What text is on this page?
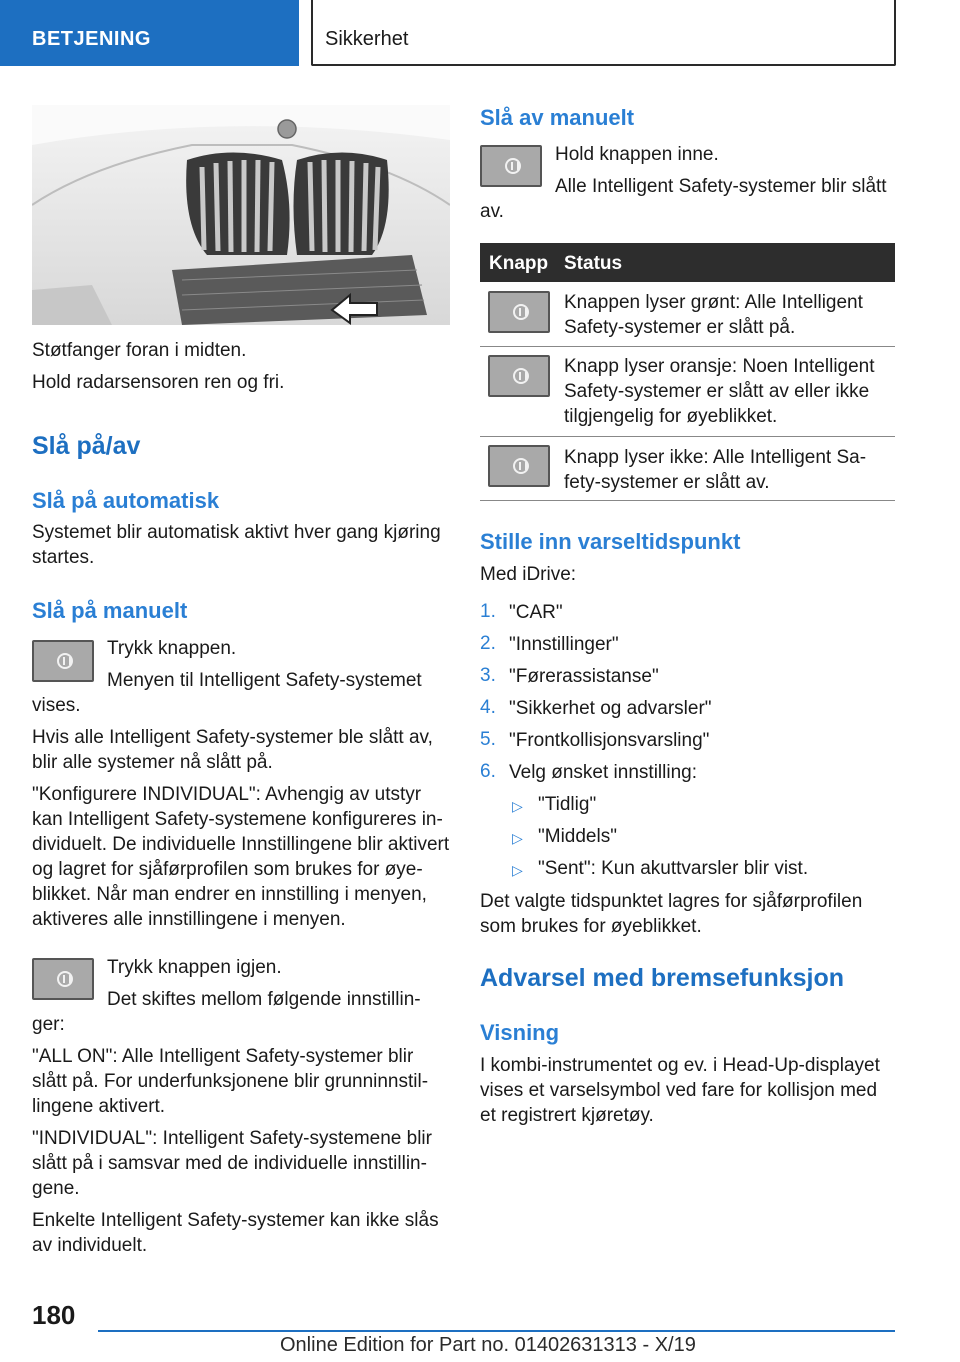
BETJENING	Sikkerhet
Støtfanger foran i midten.
Hold radarsensoren ren og fri.
Slå på/av
Slå på automatisk
Systemet blir automatisk aktivt hver gang kjøring
startes.
Slå på manuelt
Trykk knappen.
Menyen til Intelligent Safety-systemet
vises.
Hvis alle Intelligent Safety-systemer ble slått av,
blir alle systemer nå slått på.
"Konfigurere INDIVIDUAL": Avhengig av utstyr
kan Intelligent Safety-systemene konfigureres in-
dividuelt. De individuelle Innstillingene blir aktivert
og lagret for sjåførprofilen som brukes for øye-
blikket. Når man endrer en innstilling i menyen,
aktiveres alle innstillingene i menyen.
Trykk knappen igjen.
Det skiftes mellom følgende innstillin-
ger:
"ALL ON": Alle Intelligent Safety-systemer blir
slått på. For underfunksjonene blir grunninnstil-
lingene aktivert.
"INDIVIDUAL": Intelligent Safety-systemene blir
slått på i samsvar med de individuelle innstillin-
gene.
Enkelte Intelligent Safety-systemer kan ikke slås
av individuelt.
Slå av manuelt
Hold knappen inne.
Alle Intelligent Safety-systemer blir slått
av.
Knapp Status
Knappen lyser grønt: Alle Intelligent
Safety-systemer er slått på.
Knapp lyser oransje: Noen Intelligent
Safety-systemer er slått av eller ikke
tilgjengelig for øyeblikket.
Knapp lyser ikke: Alle Intelligent Sa-
fety-systemer er slått av.
Stille inn varseltidspunkt
Med iDrive:
1. "CAR"
2. "Innstillinger"
3. "Førerassistanse"
4. "Sikkerhet og advarsler"
5. "Frontkollisjonsvarsling"
6. Velg ønsket innstilling:
▷ "Tidlig"
▷ "Middels"
▷ "Sent": Kun akuttvarsler blir vist.
Det valgte tidspunktet lagres for sjåførprofilen
som brukes for øyeblikket.
Advarsel med bremsefunksjon
Visning
I kombi-instrumentet og ev. i Head-Up-displayet
vises et varselsymbol ved fare for kollisjon med
et registrert kjøretøy.
180
Online Edition for Part no. 01402631313 - X/19
